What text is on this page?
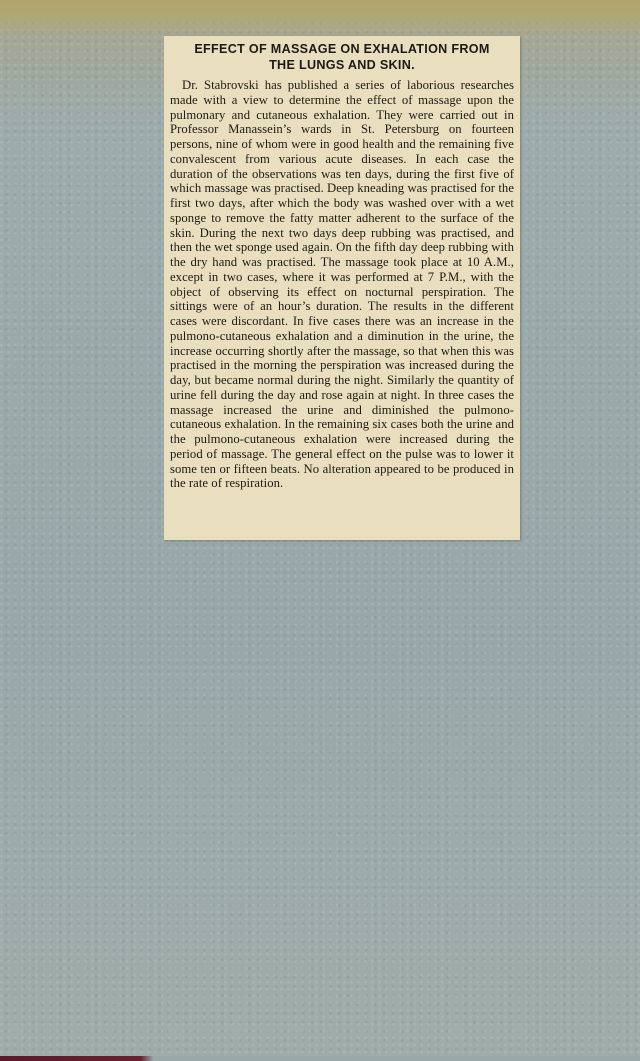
EFFECT OF MASSAGE ON EXHALATION FROM
THE LUNGS AND SKIN.

Dr. Stabrovski has published a series of laborious researches made with a view to determine the effect of massage upon the pulmonary and cutaneous exhalation. They were carried out in Professor Manassein’s wards in St. Petersburg on fourteen persons, nine of whom were in good health and the remaining five convalescent from various acute diseases. In each case the duration of the observations was ten days, during the first five of which massage was practised. Deep kneading was practised for the first two days, after which the body was washed over with a wet sponge to remove the fatty matter adherent to the surface of the skin. During the next two days deep rubbing was practised, and then the wet sponge used again. On the fifth day deep rubbing with the dry hand was practised. The massage took place at 10 A.M., except in two cases, where it was performed at 7 P.M., with the object of observing its effect on nocturnal perspiration. The sittings were of an hour’s duration. The results in the different cases were discordant. In five cases there was an increase in the pulmono-cutaneous exhalation and a diminution in the urine, the increase occurring shortly after the massage, so that when this was practised in the morning the perspiration was increased during the day, but became normal during the night. Similarly the quantity of urine fell during the day and rose again at night. In three cases the massage increased the urine and diminished the pulmono-cutaneous exhalation. In the remaining six cases both the urine and the pulmono-cutaneous exhalation were increased during the period of massage. The general effect on the pulse was to lower it some ten or fifteen beats. No alteration appeared to be produced in the rate of respiration.
